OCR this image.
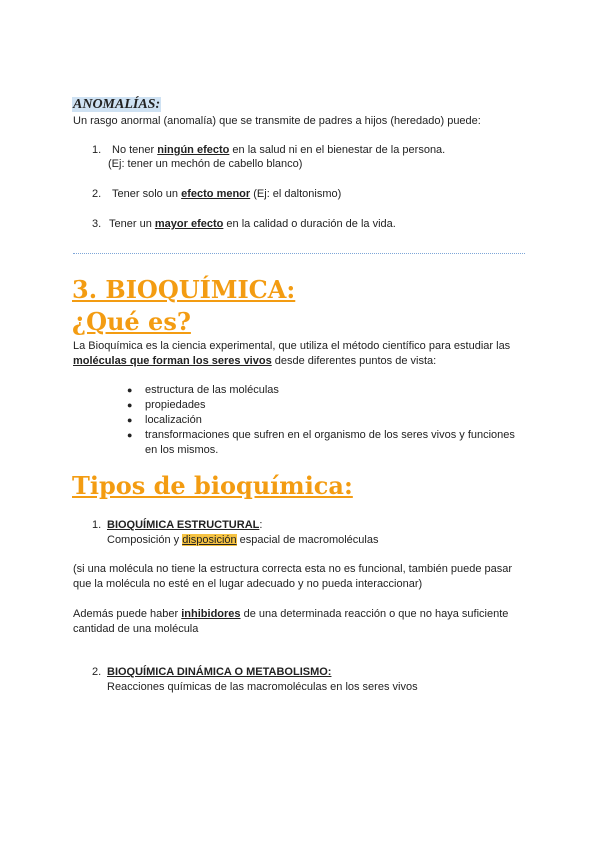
ANOMALÍAS:
Un rasgo anormal (anomalía) que se transmite de padres a hijos (heredado) puede:
1. No tener ningún efecto en la salud ni en el bienestar de la persona.
(Ej: tener un mechón de cabello blanco)
2. Tener solo un efecto menor (Ej: el daltonismo)
3. Tener un mayor efecto en la calidad o duración de la vida.
3. BIOQUÍMICA:
¿Qué es?
La Bioquímica es la ciencia experimental, que utiliza el método científico para estudiar las
moléculas que forman los seres vivos desde diferentes puntos de vista:
● estructura de las moléculas
● propiedades
● localización
● transformaciones que sufren en el organismo de los seres vivos y funciones
en los mismos.
Tipos de bioquímica:
1. BIOQUÍMICA ESTRUCTURAL:
Composición y disposición espacial de macromoléculas
(si una molécula no tiene la estructura correcta esta no es funcional, también puede pasar
que la molécula no esté en el lugar adecuado y no pueda interaccionar)
Además puede haber inhibidores de una determinada reacción o que no haya suficiente
cantidad de una molécula
2. BIOQUÍMICA DINÁMICA O METABOLISMO:
Reacciones químicas de las macromoléculas en los seres vivos
